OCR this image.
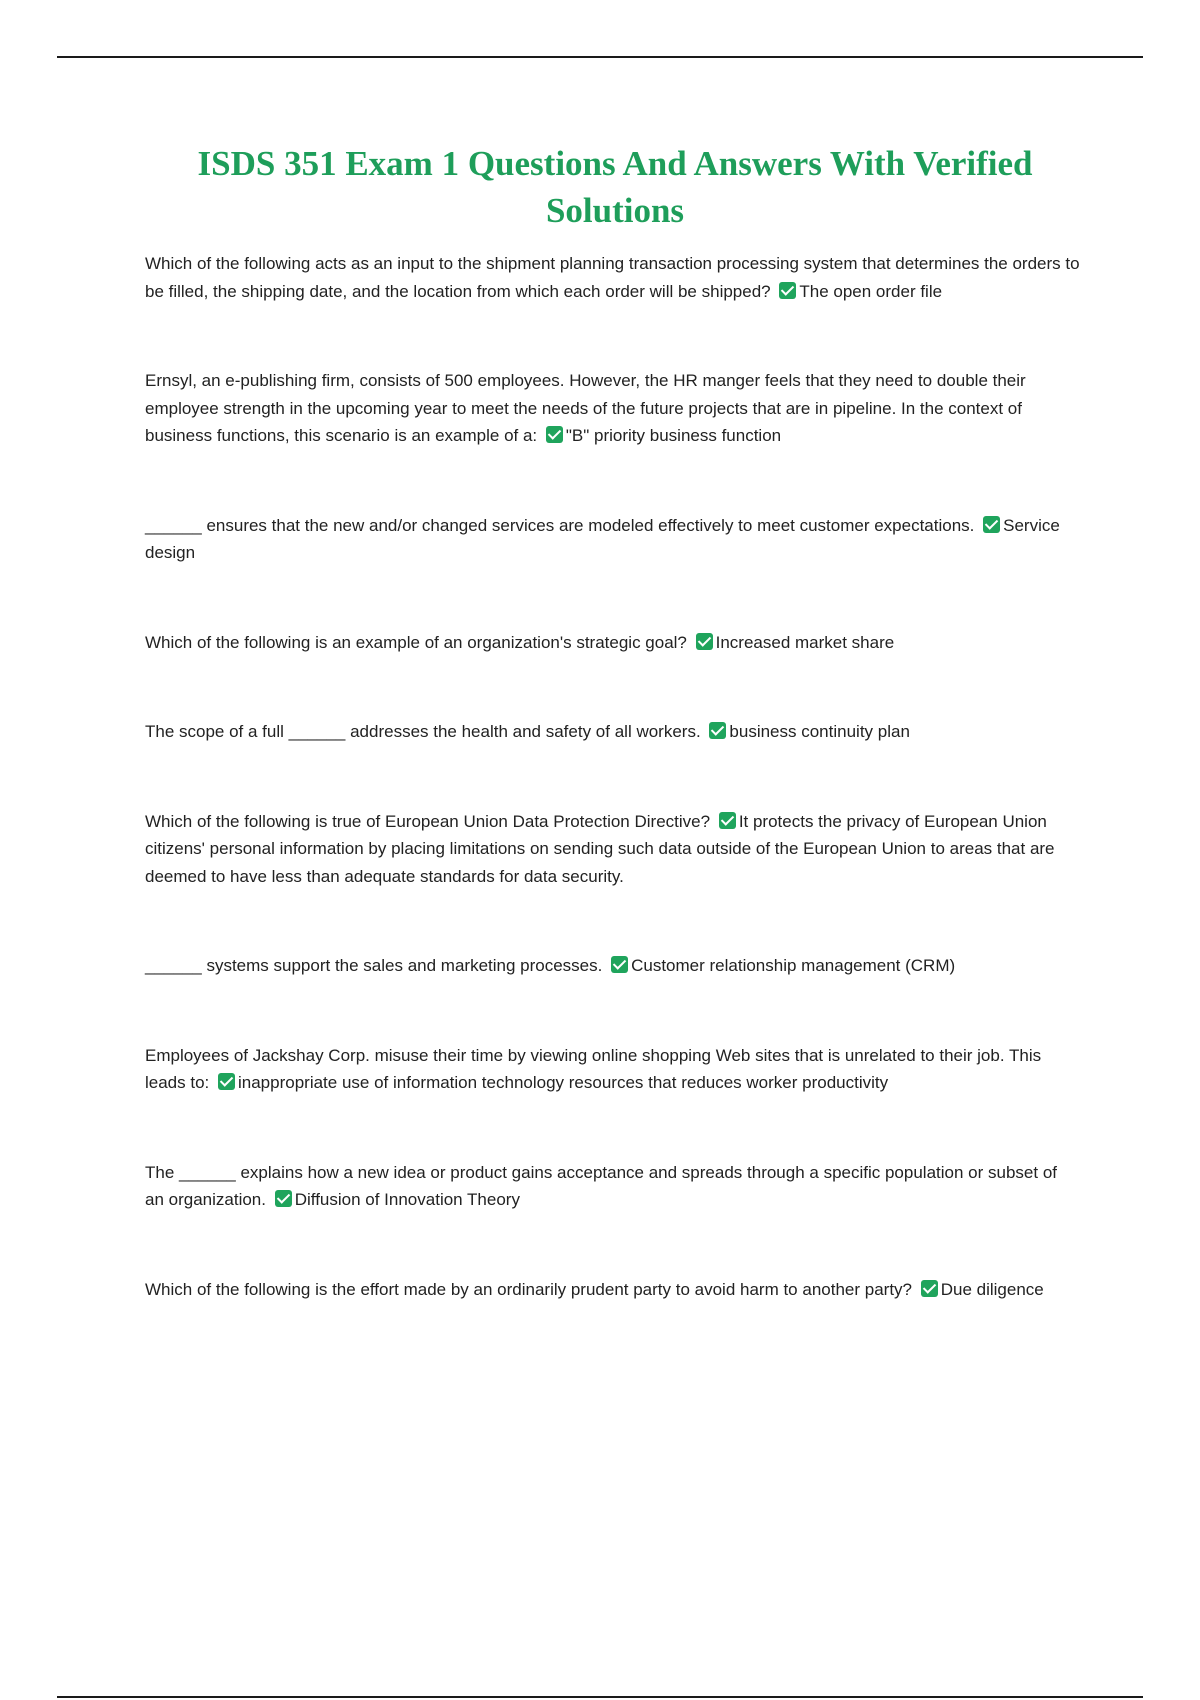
ISDS 351 Exam 1 Questions And Answers With Verified Solutions

Which of the following acts as an input to the shipment planning transaction processing system that determines the orders to be filled, the shipping date, and the location from which each order will be shipped? The open order file

Ernsyl, an e-publishing firm, consists of 500 employees. However, the HR manger feels that they need to double their employee strength in the upcoming year to meet the needs of the future projects that are in pipeline. In the context of business functions, this scenario is an example of a: "B" priority business function

______ ensures that the new and/or changed services are modeled effectively to meet customer expectations. Service design

Which of the following is an example of an organization's strategic goal? Increased market share

The scope of a full ______ addresses the health and safety of all workers. business continuity plan

Which of the following is true of European Union Data Protection Directive? It protects the privacy of European Union citizens' personal information by placing limitations on sending such data outside of the European Union to areas that are deemed to have less than adequate standards for data security.

______ systems support the sales and marketing processes. Customer relationship management (CRM)

Employees of Jackshay Corp. misuse their time by viewing online shopping Web sites that is unrelated to their job. This leads to: inappropriate use of information technology resources that reduces worker productivity

The ______ explains how a new idea or product gains acceptance and spreads through a specific population or subset of an organization. Diffusion of Innovation Theory

Which of the following is the effort made by an ordinarily prudent party to avoid harm to another party? Due diligence
